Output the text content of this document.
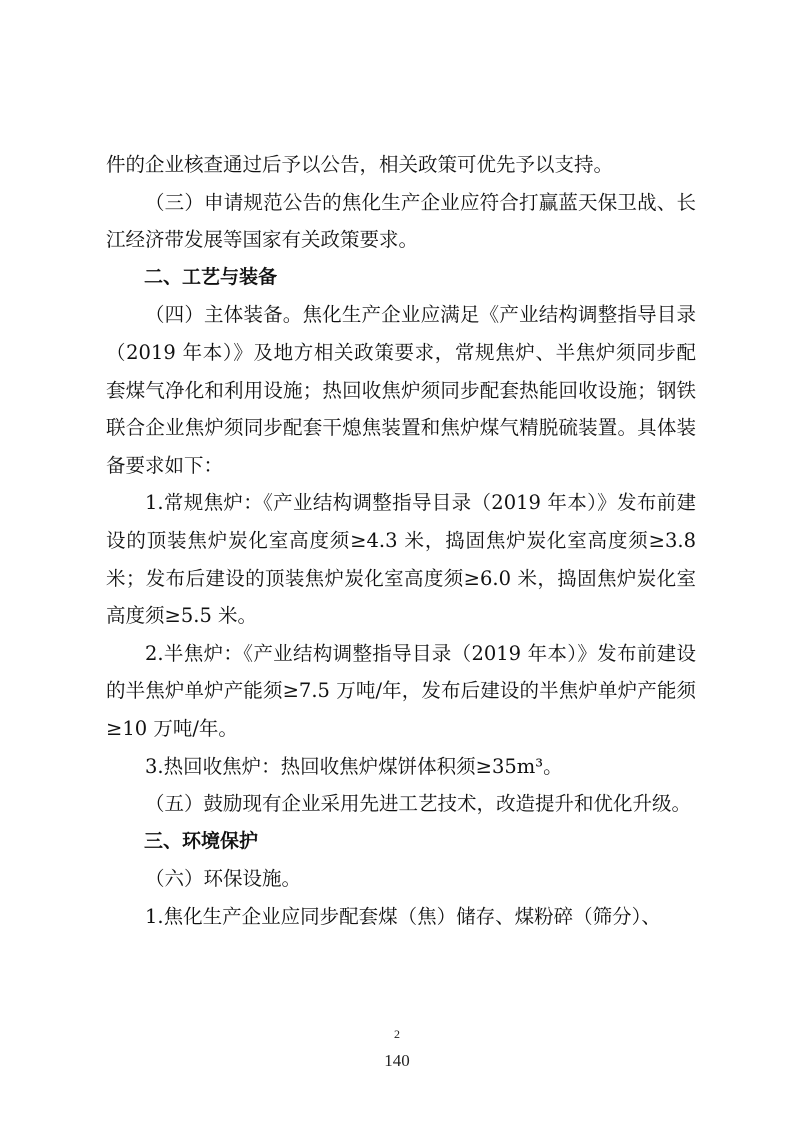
件的企业核查通过后予以公告，相关政策可优先予以支持。

（三）申请规范公告的焦化生产企业应符合打赢蓝天保卫战、长江经济带发展等国家有关政策要求。

二、工艺与装备

（四）主体装备。焦化生产企业应满足《产业结构调整指导目录（2019 年本）》及地方相关政策要求，常规焦炉、半焦炉须同步配套煤气净化和利用设施；热回收焦炉须同步配套热能回收设施；钢铁联合企业焦炉须同步配套干熄焦装置和焦炉煤气精脱硫装置。具体装备要求如下：

1.常规焦炉：《产业结构调整指导目录（2019 年本）》发布前建设的顶装焦炉炭化室高度须≥4.3 米，捣固焦炉炭化室高度须≥3.8 米；发布后建设的顶装焦炉炭化室高度须≥6.0 米，捣固焦炉炭化室高度须≥5.5 米。

2.半焦炉：《产业结构调整指导目录（2019 年本）》发布前建设的半焦炉单炉产能须≥7.5 万吨/年，发布后建设的半焦炉单炉产能须≥10 万吨/年。

3.热回收焦炉：热回收焦炉煤饼体积须≥35m³。

（五）鼓励现有企业采用先进工艺技术，改造提升和优化升级。

三、环境保护

（六）环保设施。

1.焦化生产企业应同步配套煤（焦）储存、煤粉碎（筛分）、

2
140
